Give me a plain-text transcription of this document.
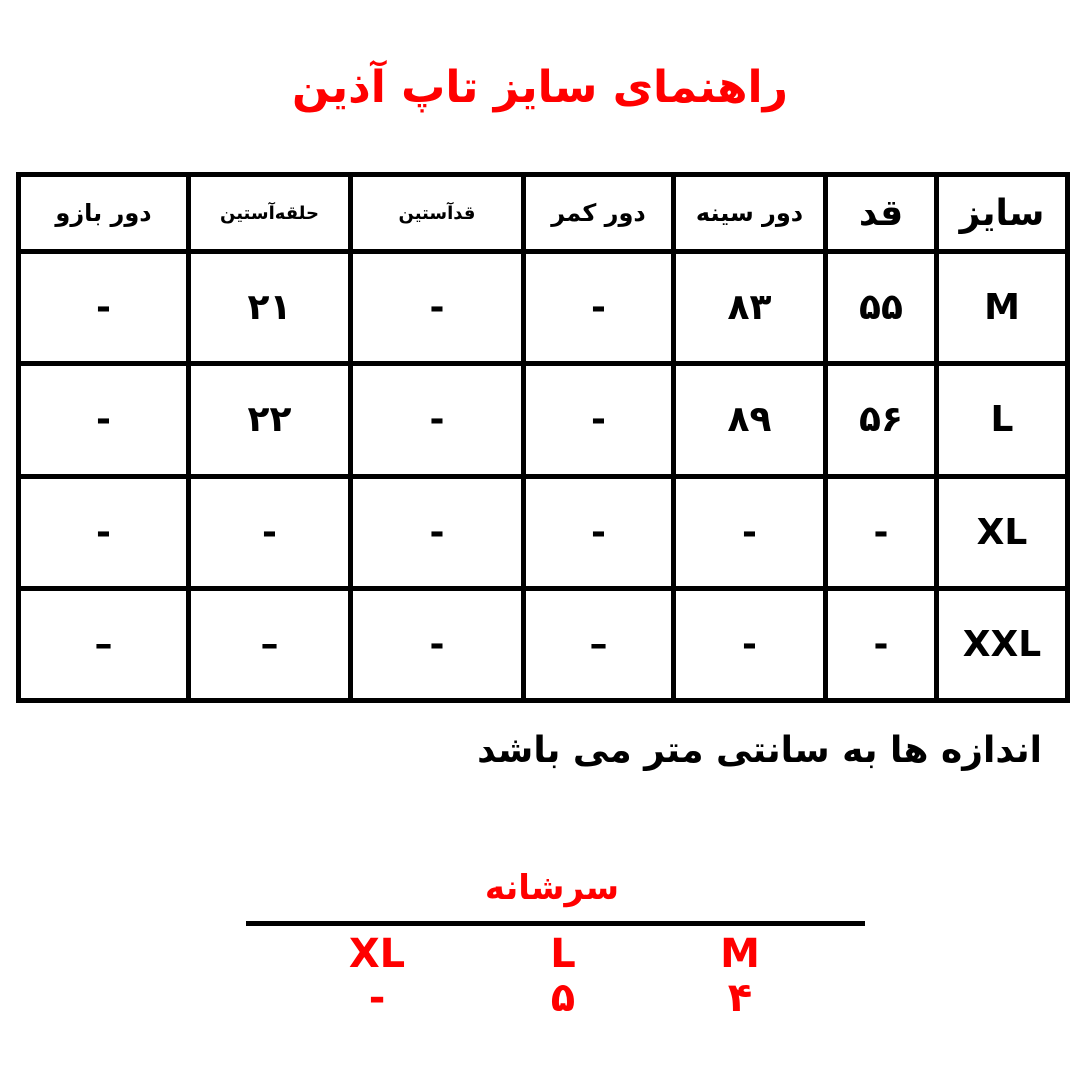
راهنمای سایز تاپ آذین
سایز	قد	دور سینه	دور کمر	قدآستین	حلقه‌آستین	دور بازو
M	۵۵	۸۳	-	-	۲۱	-
L	۵۶	۸۹	-	-	۲۲	-
XL	-	-	-	-	-	-
XXL	-	-	–	-	–	–
اندازه ها به سانتی متر می باشد
سرشانه
M
۴
L
۵
XL
-
